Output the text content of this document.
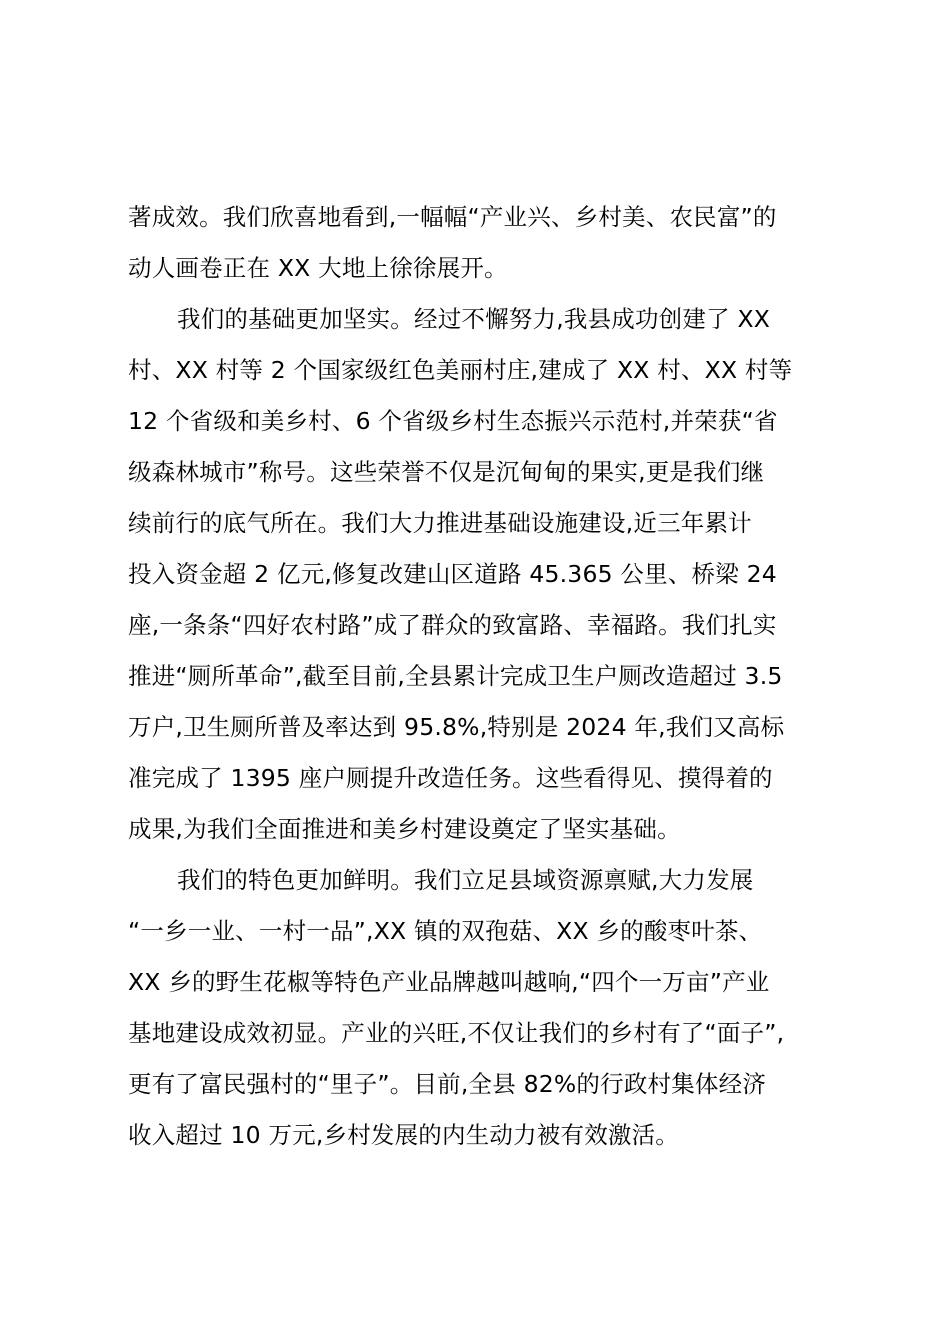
著成效。我们欣喜地看到,一幅幅“产业兴、乡村美、农民富”的
动人画卷正在 XX 大地上徐徐展开。
我们的基础更加坚实。经过不懈努力,我县成功创建了 XX
村、XX 村等 2 个国家级红色美丽村庄,建成了 XX 村、XX 村等
12 个省级和美乡村、6 个省级乡村生态振兴示范村,并荣获“省
级森林城市”称号。这些荣誉不仅是沉甸甸的果实,更是我们继
续前行的底气所在。我们大力推进基础设施建设,近三年累计
投入资金超 2 亿元,修复改建山区道路 45.365 公里、桥梁 24
座,一条条“四好农村路”成了群众的致富路、幸福路。我们扎实
推进“厕所革命”,截至目前,全县累计完成卫生户厕改造超过 3.5
万户,卫生厕所普及率达到 95.8%,特别是 2024 年,我们又高标
准完成了 1395 座户厕提升改造任务。这些看得见、摸得着的
成果,为我们全面推进和美乡村建设奠定了坚实基础。
我们的特色更加鲜明。我们立足县域资源禀赋,大力发展
“一乡一业、一村一品”,XX 镇的双孢菇、XX 乡的酸枣叶茶、
XX 乡的野生花椒等特色产业品牌越叫越响,“四个一万亩”产业
基地建设成效初显。产业的兴旺,不仅让我们的乡村有了“面子”,
更有了富民强村的“里子”。目前,全县 82%的行政村集体经济
收入超过 10 万元,乡村发展的内生动力被有效激活。
